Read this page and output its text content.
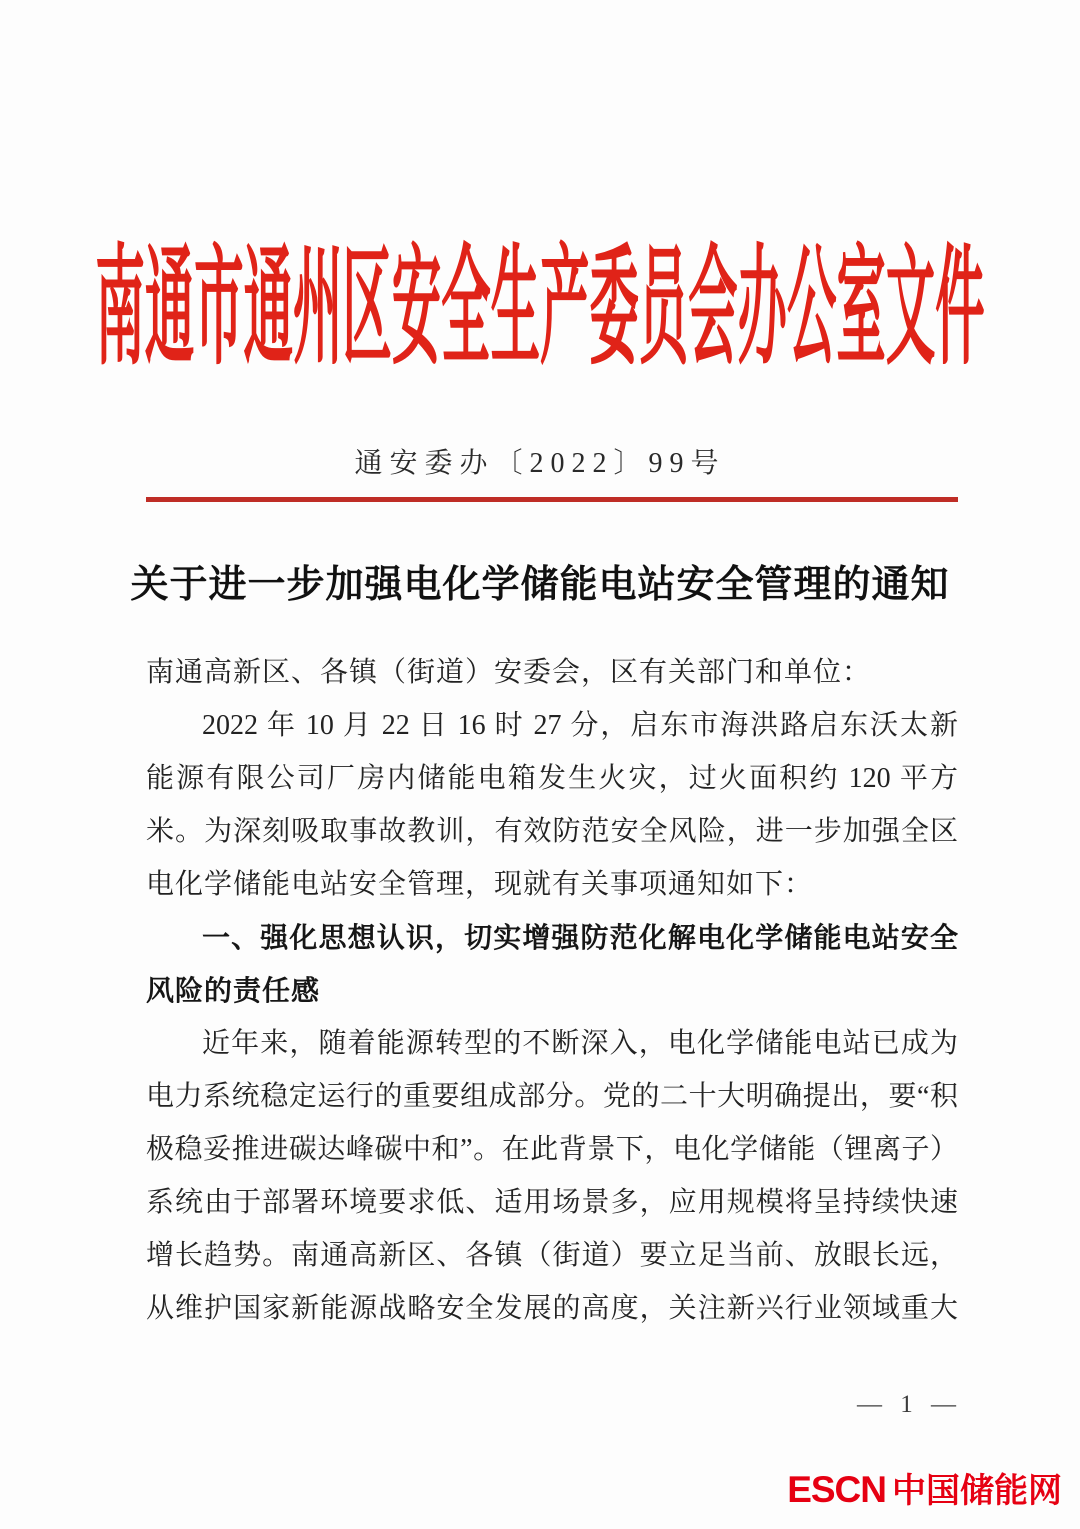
南通市通州区安全生产委员会办公室文件
通安委办〔2022〕99号
关于进一步加强电化学储能电站安全管理的通知
南通高新区、各镇（街道）安委会，区有关部门和单位：
2022 年 10 月 22 日 16 时 27 分，启东市海洪路启东沃太新
能源有限公司厂房内储能电箱发生火灾，过火面积约 120 平方
米。为深刻吸取事故教训，有效防范安全风险，进一步加强全区
电化学储能电站安全管理，现就有关事项通知如下：
一、强化思想认识，切实增强防范化解电化学储能电站安全
风险的责任感
近年来，随着能源转型的不断深入，电化学储能电站已成为
电力系统稳定运行的重要组成部分。党的二十大明确提出，要“积
极稳妥推进碳达峰碳中和”。在此背景下，电化学储能（锂离子）
系统由于部署环境要求低、适用场景多，应用规模将呈持续快速
增长趋势。南通高新区、各镇（街道）要立足当前、放眼长远，
从维护国家新能源战略安全发展的高度，关注新兴行业领域重大
— 1 —
ESCN 中国储能网
